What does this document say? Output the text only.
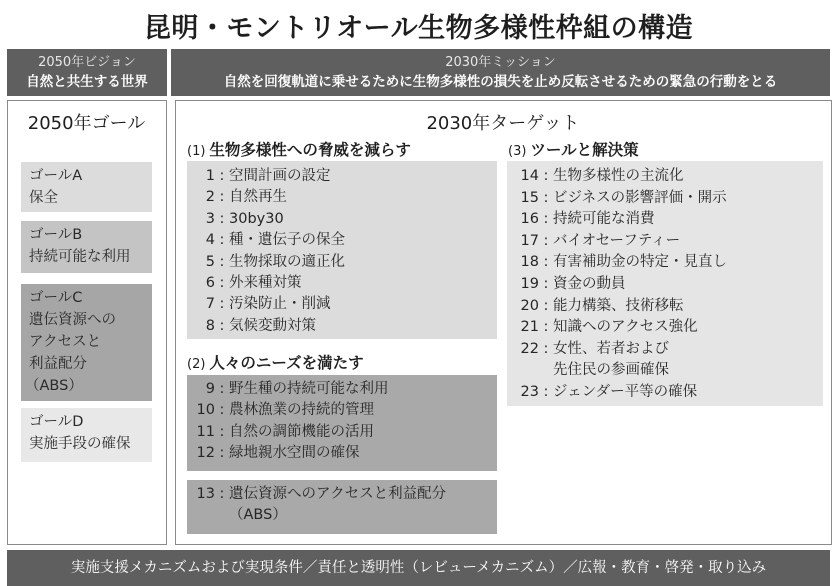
昆明・モントリオール生物多様性枠組の構造
2050年ビジョン
自然と共生する世界
2030年ミッション
自然を回復軌道に乗せるために生物多様性の損失を止め反転させるための緊急の行動をとる
2050年ゴール
ゴールA
保全
ゴールB
持続可能な利用
ゴールC
遺伝資源への
アクセスと
利益配分
（ABS）
ゴールD
実施手段の確保
2030年ターゲット
(1) 生物多様性への脅威を減らす
1 : 空間計画の設定
2 : 自然再生
3 : 30by30
4 : 種・遺伝子の保全
5 : 生物採取の適正化
6 : 外来種対策
7 : 汚染防止・削減
8 : 気候変動対策
(2) 人々のニーズを満たす
9 : 野生種の持続可能な利用
10 : 農林漁業の持続的管理
11 : 自然の調節機能の活用
12 : 緑地親水空間の確保
13 : 遺伝資源へのアクセスと利益配分
（ABS）
(3) ツールと解決策
14 : 生物多様性の主流化
15 : ビジネスの影響評価・開示
16 : 持続可能な消費
17 : バイオセーフティー
18 : 有害補助金の特定・見直し
19 : 資金の動員
20 : 能力構築、技術移転
21 : 知識へのアクセス強化
22 : 女性、若者および
先住民の参画確保
23 : ジェンダー平等の確保
実施支援メカニズムおよび実現条件／責任と透明性（レビューメカニズム）／広報・教育・啓発・取り込み
